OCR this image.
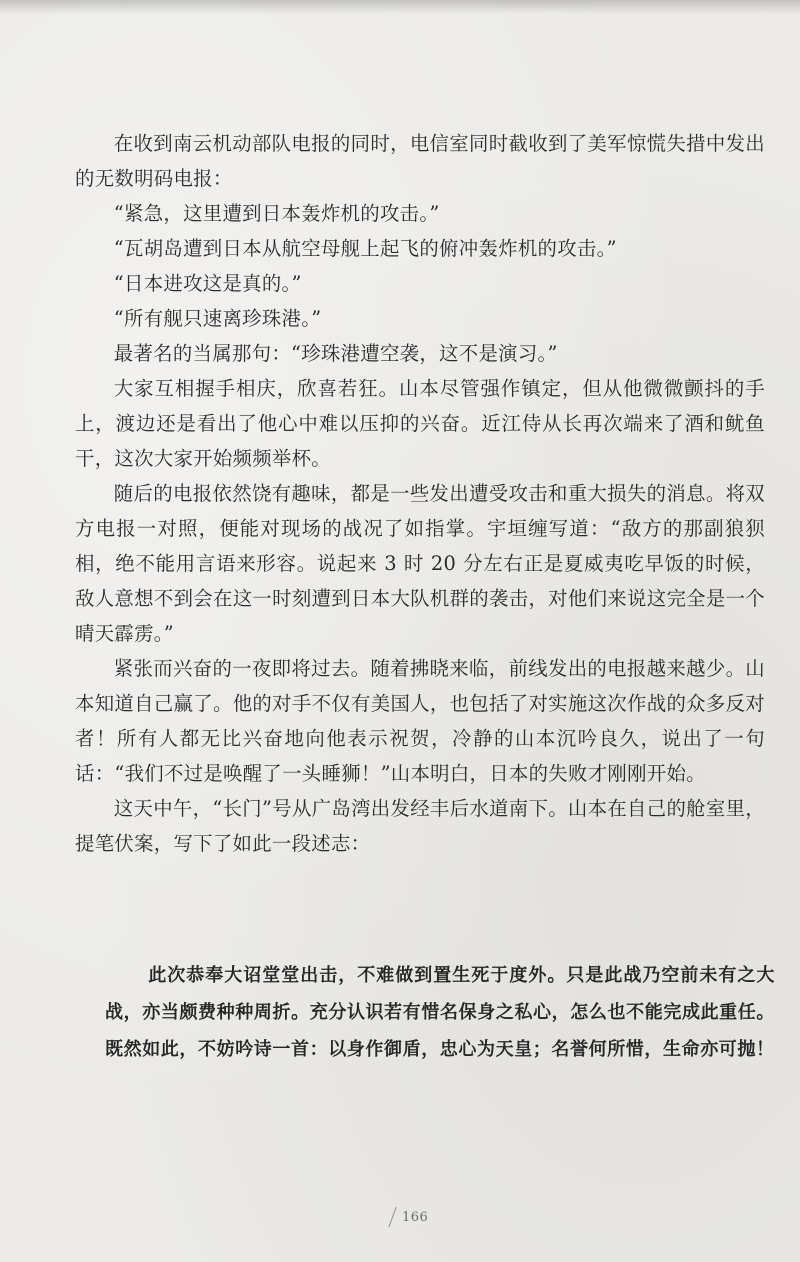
在收到南云机动部队电报的同时，电信室同时截收到了美军惊慌失措中发出的无数明码电报：

“紧急，这里遭到日本轰炸机的攻击。”

“瓦胡岛遭到日本从航空母舰上起飞的俯冲轰炸机的攻击。”

“日本进攻这是真的。”

“所有舰只速离珍珠港。”

最著名的当属那句：“珍珠港遭空袭，这不是演习。”

大家互相握手相庆，欣喜若狂。山本尽管强作镇定，但从他微微颤抖的手上，渡边还是看出了他心中难以压抑的兴奋。近江侍从长再次端来了酒和鱿鱼干，这次大家开始频频举杯。

随后的电报依然饶有趣味，都是一些发出遭受攻击和重大损失的消息。将双方电报一对照，便能对现场的战况了如指掌。宇垣缠写道：“敌方的那副狼狈相，绝不能用言语来形容。说起来 3 时 20 分左右正是夏威夷吃早饭的时候，敌人意想不到会在这一时刻遭到日本大队机群的袭击，对他们来说这完全是一个晴天霹雳。”

紧张而兴奋的一夜即将过去。随着拂晓来临，前线发出的电报越来越少。山本知道自己赢了。他的对手不仅有美国人，也包括了对实施这次作战的众多反对者！所有人都无比兴奋地向他表示祝贺，冷静的山本沉吟良久，说出了一句话：“我们不过是唤醒了一头睡狮！”山本明白，日本的失败才刚刚开始。

这天中午，“长门”号从广岛湾出发经丰后水道南下。山本在自己的舱室里，提笔伏案，写下了如此一段述志：

此次恭奉大诏堂堂出击，不难做到置生死于度外。只是此战乃空前未有之大战，亦当颇费种种周折。充分认识若有惜名保身之私心，怎么也不能完成此重任。既然如此，不妨吟诗一首：以身作御盾，忠心为天皇；名誉何所惜，生命亦可抛！

166
